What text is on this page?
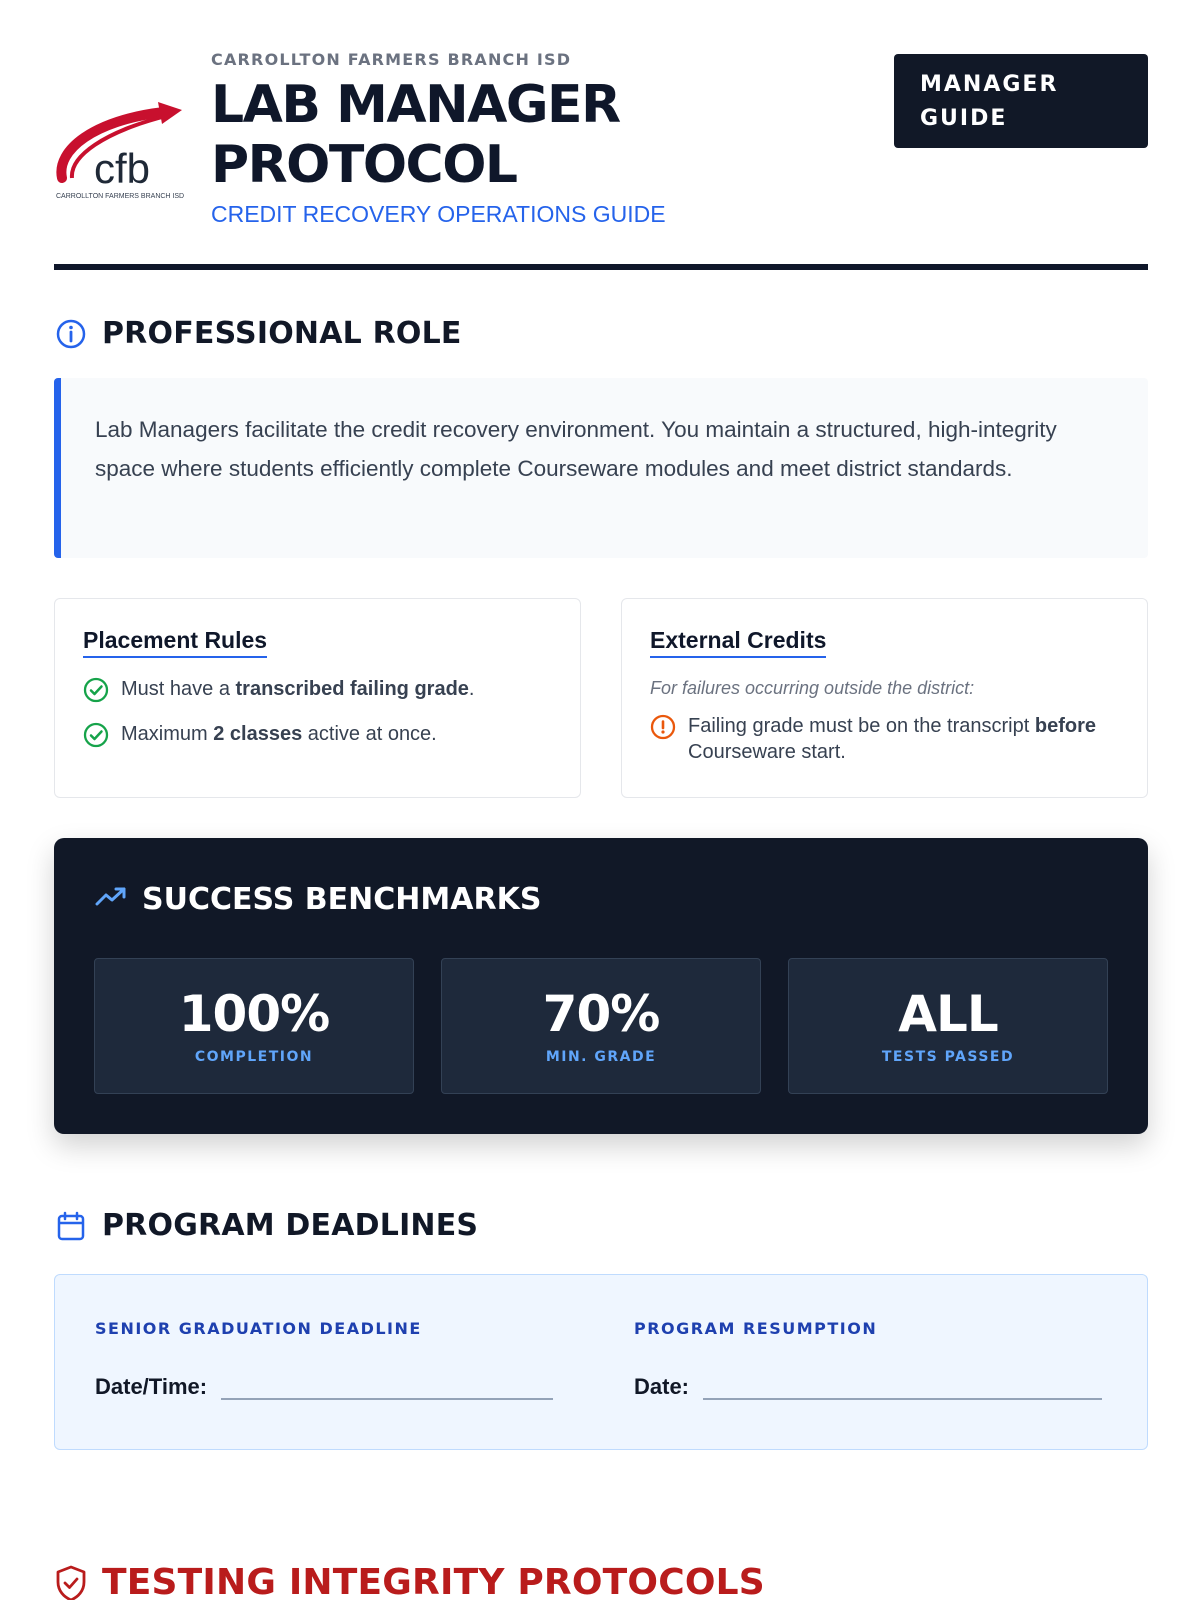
cfb
CARROLLTON FARMERS BRANCH ISD
CARROLLTON FARMERS BRANCH ISD
LAB MANAGER
PROTOCOL
CREDIT RECOVERY OPERATIONS GUIDE
MANAGER
GUIDE
PROFESSIONAL ROLE
Lab Managers facilitate the credit recovery environment. You maintain a structured, high-integrity space where students efficiently complete Courseware modules and meet district standards.
Placement Rules
Must have a transcribed failing grade.
Maximum 2 classes active at once.
External Credits
For failures occurring outside the district:
Failing grade must be on the transcript before Courseware start.
SUCCESS BENCHMARKS
100%
COMPLETION
70%
MIN. GRADE
ALL
TESTS PASSED
PROGRAM DEADLINES
SENIOR GRADUATION DEADLINE
Date/Time:
PROGRAM RESUMPTION
Date:
TESTING INTEGRITY PROTOCOLS
